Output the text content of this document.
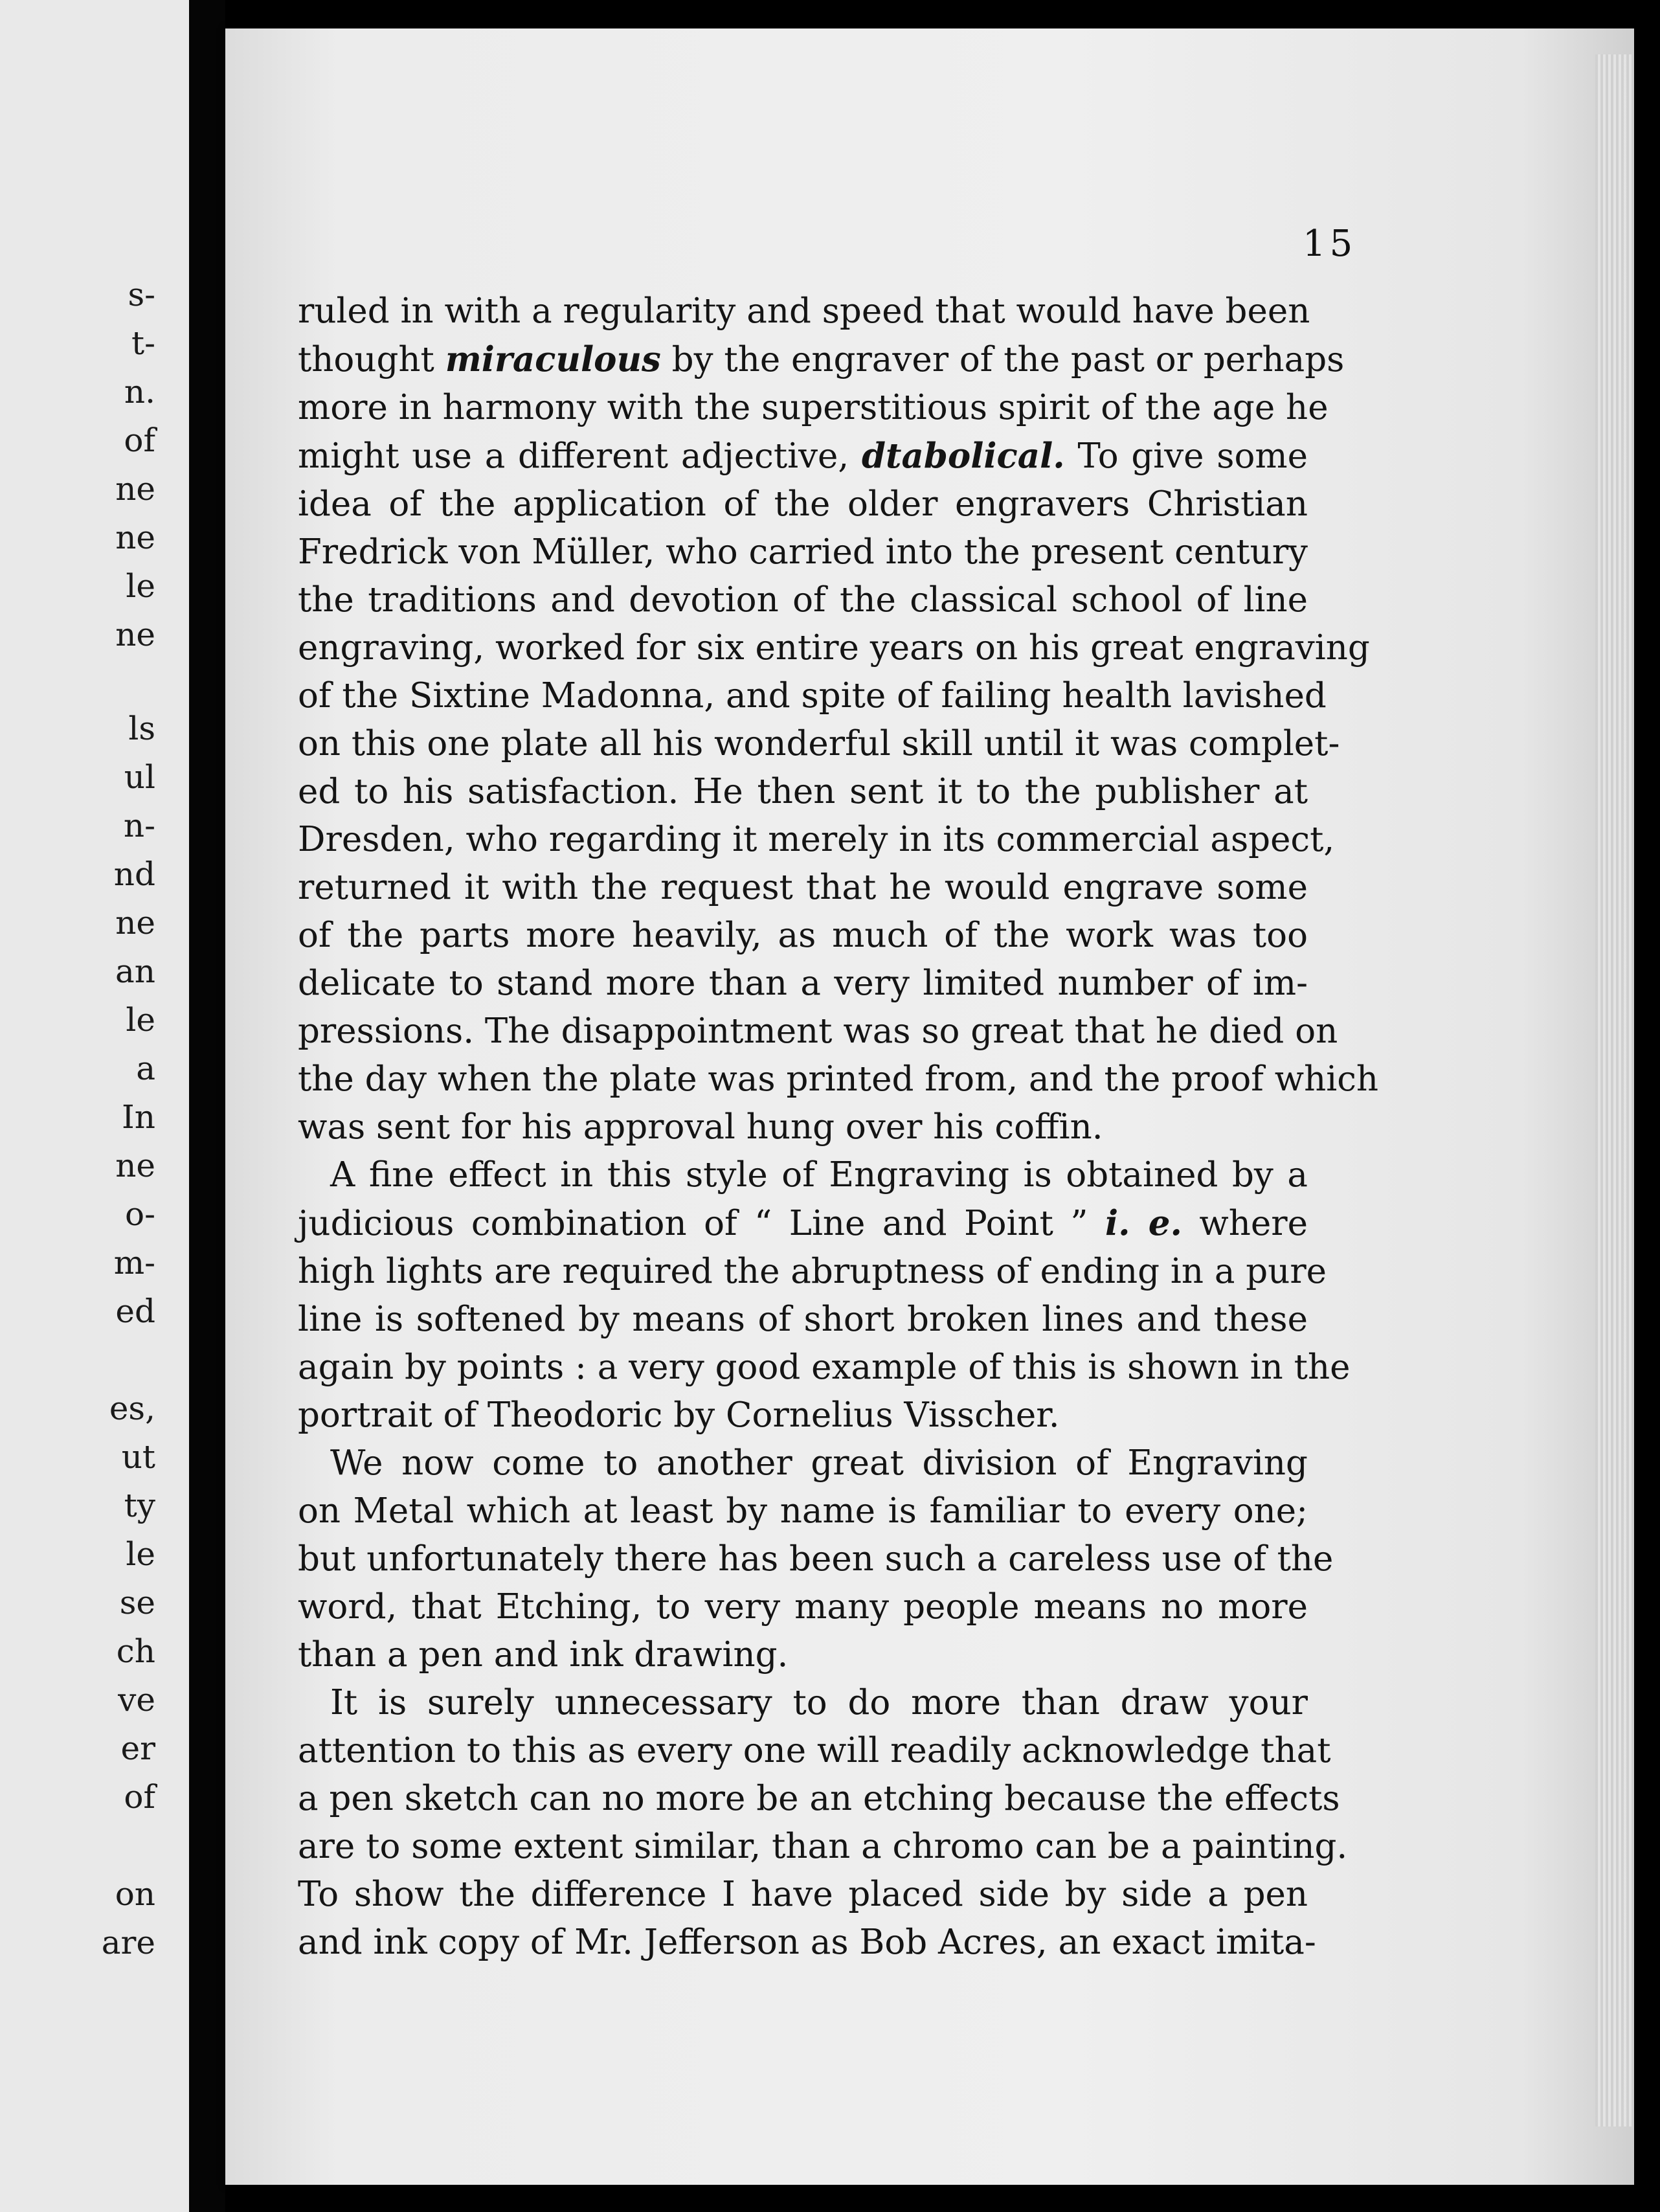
s-
t-
n.
of
ne
ne
le
ne
ls
ul
n-
nd
ne
an
le
a
In
ne
o-
m-
ed
es,
ut
ty
le
se
ch
ve
er
of
on
are
15

ruled in with a regularity and speed that would have been
thought miraculous by the engraver of the past or perhaps
more in harmony with the superstitious spirit of the age he
might use a different adjective, dtabolical. To give some
idea of the application of the older engravers Christian
Fredrick von Müller, who carried into the present century
the traditions and devotion of the classical school of line
engraving, worked for six entire years on his great engraving
of the Sixtine Madonna, and spite of failing health lavished
on this one plate all his wonderful skill until it was complet-
ed to his satisfaction. He then sent it to the publisher at
Dresden, who regarding it merely in its commercial aspect,
returned it with the request that he would engrave some
of the parts more heavily, as much of the work was too
delicate to stand more than a very limited number of im-
pressions. The disappointment was so great that he died on
the day when the plate was printed from, and the proof which
was sent for his approval hung over his coffin.

A fine effect in this style of Engraving is obtained by a
judicious combination of “ Line and Point ” i. e. where
high lights are required the abruptness of ending in a pure
line is softened by means of short broken lines and these
again by points : a very good example of this is shown in the
portrait of Theodoric by Cornelius Visscher.

We now come to another great division of Engraving
on Metal which at least by name is familiar to every one;
but unfortunately there has been such a careless use of the
word, that Etching, to very many people means no more
than a pen and ink drawing.

It is surely unnecessary to do more than draw your
attention to this as every one will readily acknowledge that
a pen sketch can no more be an etching because the effects
are to some extent similar, than a chromo can be a painting.
To show the difference I have placed side by side a pen
and ink copy of Mr. Jefferson as Bob Acres, an exact imita-
